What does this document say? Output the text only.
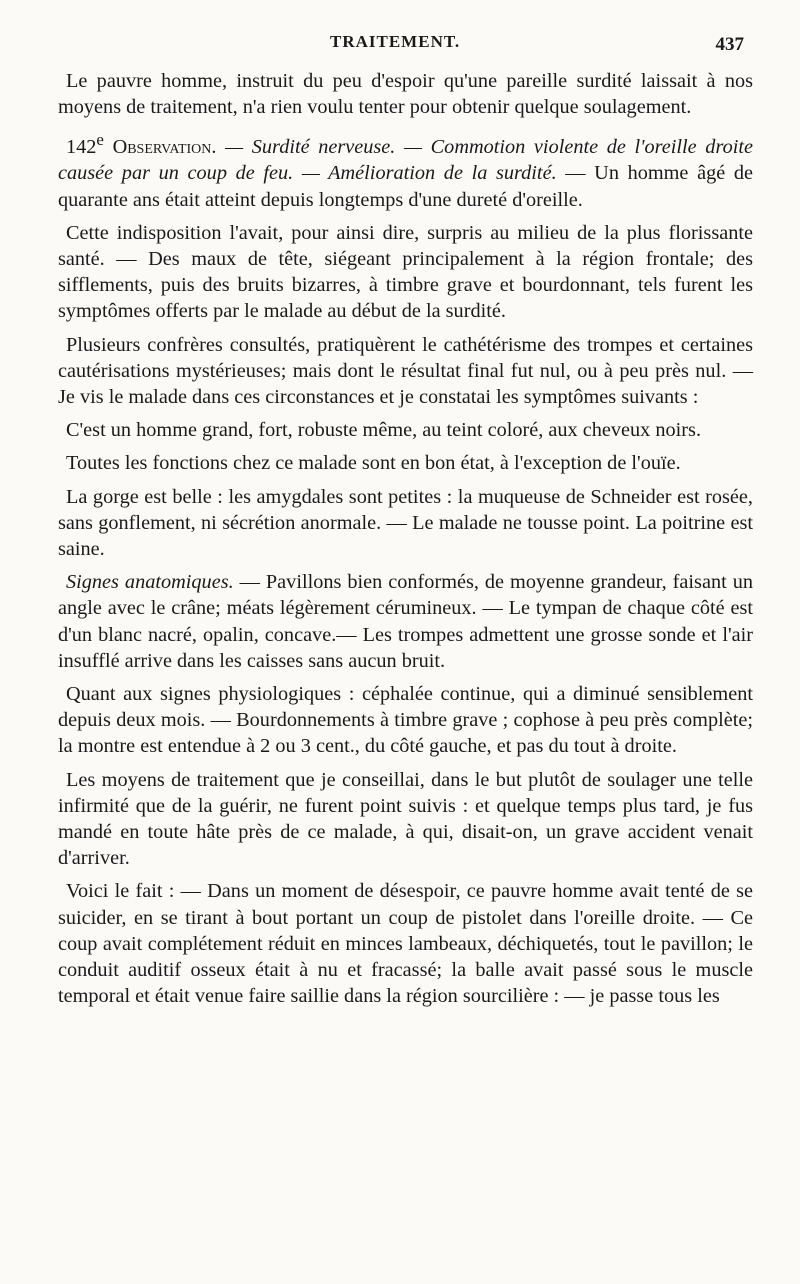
TRAITEMENT.	437

Le pauvre homme, instruit du peu d'espoir qu'une pareille surdité laissait à nos moyens de traitement, n'a rien voulu tenter pour obtenir quelque soulagement.

142e Observation. — Surdité nerveuse. — Commotion violente de l'oreille droite causée par un coup de feu. — Amélioration de la surdité. — Un homme âgé de quarante ans était atteint depuis longtemps d'une dureté d'oreille.

Cette indisposition l'avait, pour ainsi dire, surpris au milieu de la plus florissante santé. — Des maux de tête, siégeant principalement à la région frontale; des sifflements, puis des bruits bizarres, à timbre grave et bourdonnant, tels furent les symptômes offerts par le malade au début de la surdité.

Plusieurs confrères consultés, pratiquèrent le cathétérisme des trompes et certaines cautérisations mystérieuses; mais dont le résultat final fut nul, ou à peu près nul. — Je vis le malade dans ces circonstances et je constatai les symptômes suivants :

C'est un homme grand, fort, robuste même, au teint coloré, aux cheveux noirs.

Toutes les fonctions chez ce malade sont en bon état, à l'exception de l'ouïe.

La gorge est belle : les amygdales sont petites : la muqueuse de Schneider est rosée, sans gonflement, ni sécrétion anormale. — Le malade ne tousse point. La poitrine est saine.

Signes anatomiques. — Pavillons bien conformés, de moyenne grandeur, faisant un angle avec le crâne; méats légèrement cérumineux. — Le tympan de chaque côté est d'un blanc nacré, opalin, concave.— Les trompes admettent une grosse sonde et l'air insufflé arrive dans les caisses sans aucun bruit.

Quant aux signes physiologiques : céphalée continue, qui a diminué sensiblement depuis deux mois. — Bourdonnements à timbre grave ; cophose à peu près complète; la montre est entendue à 2 ou 3 cent., du côté gauche, et pas du tout à droite.

Les moyens de traitement que je conseillai, dans le but plutôt de soulager une telle infirmité que de la guérir, ne furent point suivis : et quelque temps plus tard, je fus mandé en toute hâte près de ce malade, à qui, disait-on, un grave accident venait d'arriver.

Voici le fait : — Dans un moment de désespoir, ce pauvre homme avait tenté de se suicider, en se tirant à bout portant un coup de pistolet dans l'oreille droite. — Ce coup avait complétement réduit en minces lambeaux, déchiquetés, tout le pavillon; le conduit auditif osseux était à nu et fracassé; la balle avait passé sous le muscle temporal et était venue faire saillie dans la région sourcilière : — je passe tous les
